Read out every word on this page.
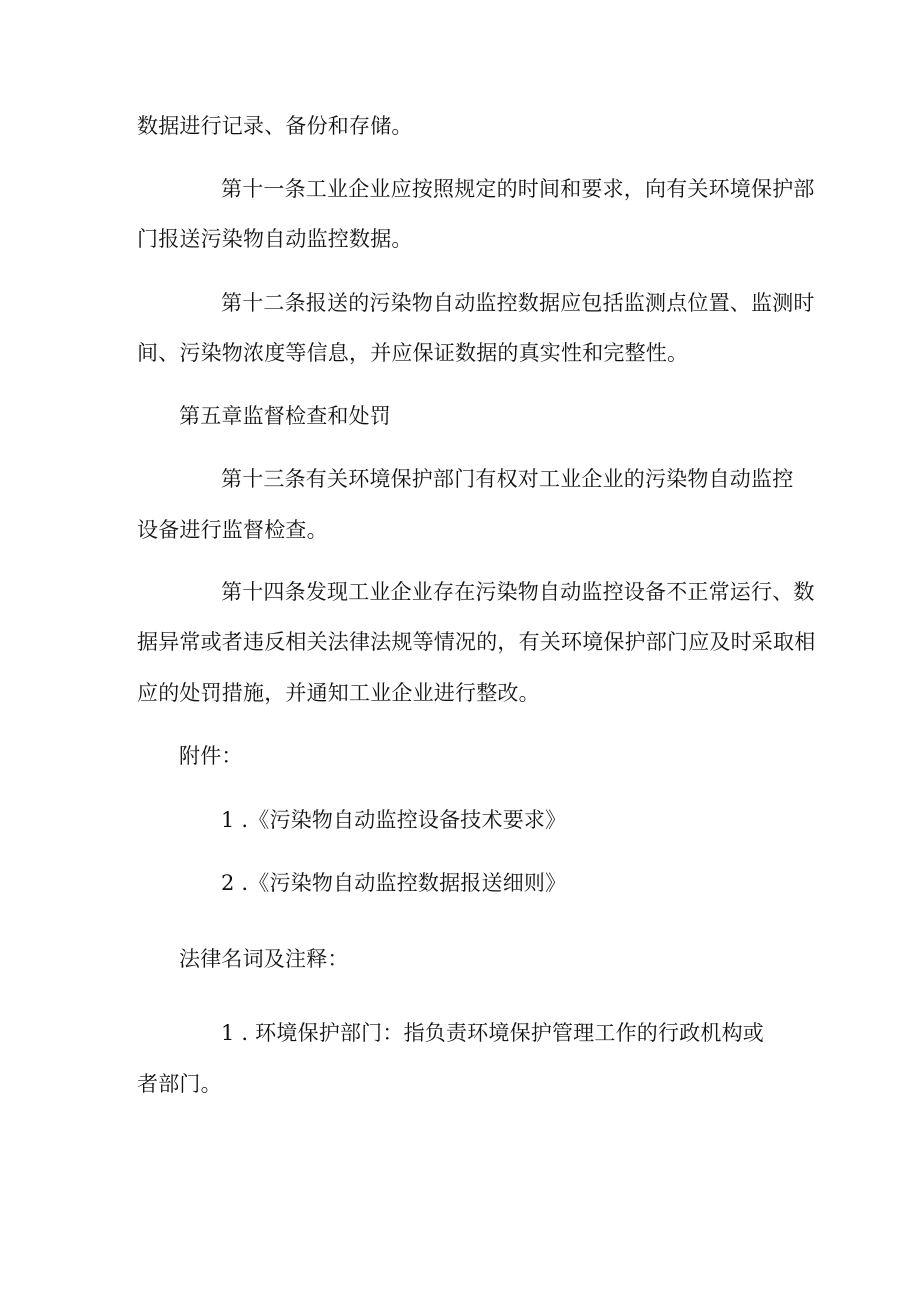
数据进行记录、备份和存储。
第十一条工业企业应按照规定的时间和要求，向有关环境保护部
门报送污染物自动监控数据。
第十二条报送的污染物自动监控数据应包括监测点位置、监测时
间、污染物浓度等信息，并应保证数据的真实性和完整性。
第五章监督检查和处罚
第十三条有关环境保护部门有权对工业企业的污染物自动监控
设备进行监督检查。
第十四条发现工业企业存在污染物自动监控设备不正常运行、数
据异常或者违反相关法律法规等情况的，有关环境保护部门应及时采取相
应的处罚措施，并通知工业企业进行整改。
附件：
1 .《污染物自动监控设备技术要求》
2 .《污染物自动监控数据报送细则》
法律名词及注释：
1 . 环境保护部门：指负责环境保护管理工作的行政机构或
者部门。
